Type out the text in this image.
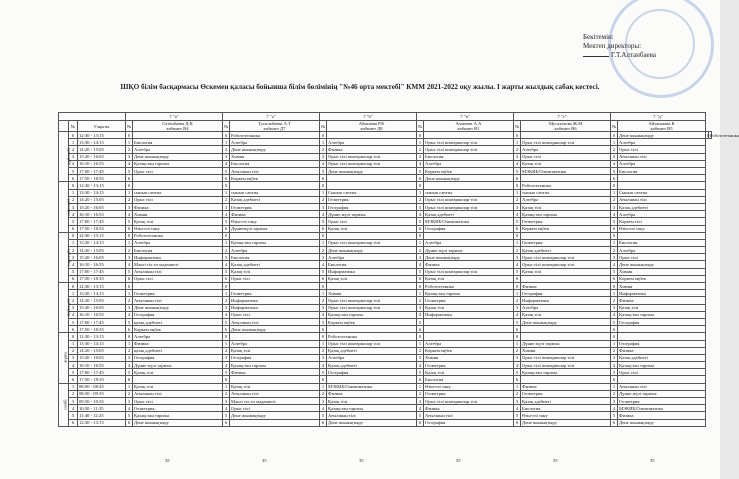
Бекітемін:
Мектеп директоры:
Г.Т.Алтанбаева
ШҚО білім басқармасы Өскемен қаласы бойынша білім бөлімінің "№46 орта мектебі" КММ 2021-2022 оқу жылы. I жарты жылдық сабақ кестесі.
			7 "а"		7 "ә"		7 "б"		7 "в"		7 "г"		7 "д"			
	№	Уақыты	№	Сатенбаева Д.К
кабинет В4	№	Тусильбаева А.Т
кабинет Д7	№	Абышева Р.К
кабинет Д8	№	Ахмеева А.А
кабинет В1	№	Мусахазова Ж.М
кабинет В6	№	Айтжанова К
кабинет В5		
дүйсенбі	0	12:30 - 13:15	0		0	Робототехника	0		0		0		0	Дене шынықтыру	0	Робототехника
	1	13:30 - 14:15	1	Биология	1	Алгебра	1	Алгебра	1	Орыс тілі шығармалар тілі	1	Орыс тілі шығармалар тілі	1	Алгебра		
	2	14:20 - 15:05	2	Алгебра	2	Дене шынықтыру	2	Физика	2	Орыс тілі шығармалар тілі	2	Алгебра	2	Орыс тілі		
	3	15:20 - 16:05	3	Дене шынықтыру	3	Химия	3	Орыс тілі шығармалар тілі	3	Биология	3	Орыс тілі	3	Ағылшын тілі		
	4	16:10 - 16:55	4	Қазақстан тарихы	4	Биология	4	Орыс тілі шығармалар тілі	4	Алгебра	4	Қазақ тілі	4	Алгебра		
	5	17:00 - 17:45	5	Орыс тілі	5	Ағылшын тілі	5	Дене шынықтыру	5	Көркем еңбек	5	МЭКИБ/Олимпиатика	5	Биология		
	6	17:50 - 18:35	6		6	Көркем еңбек	6		6	Дене шынықтыру	6		6			
сейсенбі	0	12:30 - 13:15	0		0		0		0		0	Робототехника	0			
	1	13:30 - 14:15	1	сынып сағаты	1	сынып сағаты	1	Сынып сағаты	1	сынып сағаты	1	сынып сағаты	1	Сынып сағаты		
	2	14:20 - 15:05	2	Орыс тілі	2	Қазақ әдебиеті	2	Геометрия	2	Орыс тілі шығармалар тілі	2	Алгебра	2	Ағылшын тілі		
	3	15:20 - 16:05	3	Физика	3	Геометрия	3	География	3	Орыс тілі шығармалар тілі	3	Қазақ тілі	3	Қазақ әдебиеті		
	4	16:10 - 16:55	4	Химия	4	Физика	4	Дүние жүзі тарихы	4	Қазақ әдебиеті	4	Қазақстан тарихы	4	Алгебра		
	5	17:00 - 17:45	5	Қазақ тілі	5	Өзін-өзі тану	5	Орыс тілі	5	МЭКИБ/Олимпиатика	5	Геометрия	5	Көркем тілі		
	6	17:50 - 18:35	6	Өзін-өзі тану	6	Дүниежүзі тарихы	6	Қазақ тілі	6	География	6	Көркем еңбек	6	Өзін-өзі тану		
сәрсенбі	0	12:30 - 13:15	0	Робототехника	0		0		0		0		0			
	1	13:30 - 14:15	1	Алгебра	1	Қазақстан тарихы	1	Орыс тілі шығармалар тілі	1	Алгебра	1	Геометрия	1	Биология		
	2	14:20 - 15:05	2	Биология	2	Алгебра	2	Дене шынықтыру	2	Дүние жүзі тарихы	2	Қазақ әдебиеті	2	Алгебра		
	3	15:20 - 16:05	3	Информатика	3	Биология	3	Алгебра	3	Дене шынықтыру	3	Орыс тілі шығармалар тілі	3	Орыс тілі		
	4	16:10 - 16:55	4	Мәнгі тіл ел мәдениеті	4	Қазақ әдебиеті	4	Биология	4	Физика	4	Орыс тілі шығармалар тілі	4	Дене шынықтыру		
	5	17:00 - 17:45	5	Ағылшын тілі	5	Қазақ тілі	5	Информатика	5	Орыс тілі шығармалар тілі	5	Қазақ тілі	5	Химия		
	6	17:50 - 18:35	6	Орыс тілі	6	Орыс тілі	6	Қазақ тілі	6	Қазақ тілі	6		6	Көркем еңбек		
бейсенбі	0	12:30 - 13:15	0		0		0		0	Робототехника	0	Физика	0	Химия		
	1	13:30 - 14:15	1	Геометрия	1	Геометрия	1	Химия	1	Қазақстан тарихы	1	География	1	Информатика		
	2	14:20 - 15:05	2	Ағылшын тілі	2	Информатика	2	Орыс тілі шығармалар тілі	2	Геометрия	2	Информатика	2	Физика		
	3	15:20 - 16:05	3	Дене шынықтыру	3	Информатика	3	Орыс тілі шығармалар тілі	3	Қазақ тілі	3	Алгебра	3	Қазақ тілі		
	4	16:10 - 16:55	4	География	4	Орыс тілі	4	Қазақстан тарихы	4	Информатика	4	Қазақ тілі	4	Қазақстан тарихы		
	5	17:00 - 17:45	5	қазақ әдебиеті	5	Ағылшын тілі	5	Көркем еңбек	5		5	Дене шынықтыру	5	География		
	6	17:50 - 18:35	6	Көркем еңбек	6	Дене шынықтыру	6		6		6		6			
жұма	0	12:30 - 13:15	0	Алгебра	0		0	Робототехника	0		0		0			
	1	13:30 - 14:15	1	Физика	1	Алгебра	1	Орыс тілі шығармалар тілі	1	Алгебра	1	Дүние жүзі тарихы	1	География		
	2	14:20 - 15:05	2	қазақ әдебиеті	2	Қазақ тілі	2	Қазақ әдебиеті	2	Көркем еңбек	2	Химия	2	Физика		
	3	15:20 - 16:05	3	География	3	География	3	Алгебра	3	Химия	3	Орыс тілі шығармалар тілі	3	Қазақ әдебиеті		
	4	16:10 - 16:55	4	Дүние жүзі тарихы	4	Қазақстан тарихы	4	Қазақ әдебиеті	4	Геометрия	4	Орыс тілі шығармалар тілі	4	Қазақстан тарихы		
	5	17:00 - 17:45	5	Қазақ тілі	5	Физика	5	География	5	Қазақ тілі	5	Қазақстан тарихы	5	Орыс тілі		
	6	17:50 - 18:35	6		6		6		6	Биология	6		6			
сенбі	1	08:00 - 08:45	1	Қазақ тілі	1	Қазақ тілі	1	МЭКИБ/Олимпиатика	1	Өзін-өзі тану	1	Физика	1	Ағылшын тілі		
	2	08:50 - 09:35	2	Ағылшын тілі	2	Ағылшын тілі	2	Физика	2	Геометрия	2	Геометрия	2	Дүние жүзі тарихы		
	3	09:50 - 10:35	3	Орыс тілі	3	Мәнгі тіл ел мәдениеті	3	Қазақ тілі	3	Орыс тілі шығармалар тілі	3	Қазақ әдебиеті	3	Геометрия		
	4	10:50 - 11:35	4	Геометрия	4	Орыс тілі	4	Қазақстан тарихы	4	Физика	4	Биология	4	МЭКИБ/Олимпиатика		
	5	11:40 - 12:25	5	Қазақстан тарихы	5	Дене шынықтыру	5	Ағылшын тілі	5	Ағылшын тілі	5	Өзін-өзі тану	5	Физика		
	6	12:30 - 13:15	6	Дене шынықтыру	6		6	Дене шынықтыру	6	География	6	Дене шынықтыру	6	Дене шынықтыру		
35	35	35	35	35	35
